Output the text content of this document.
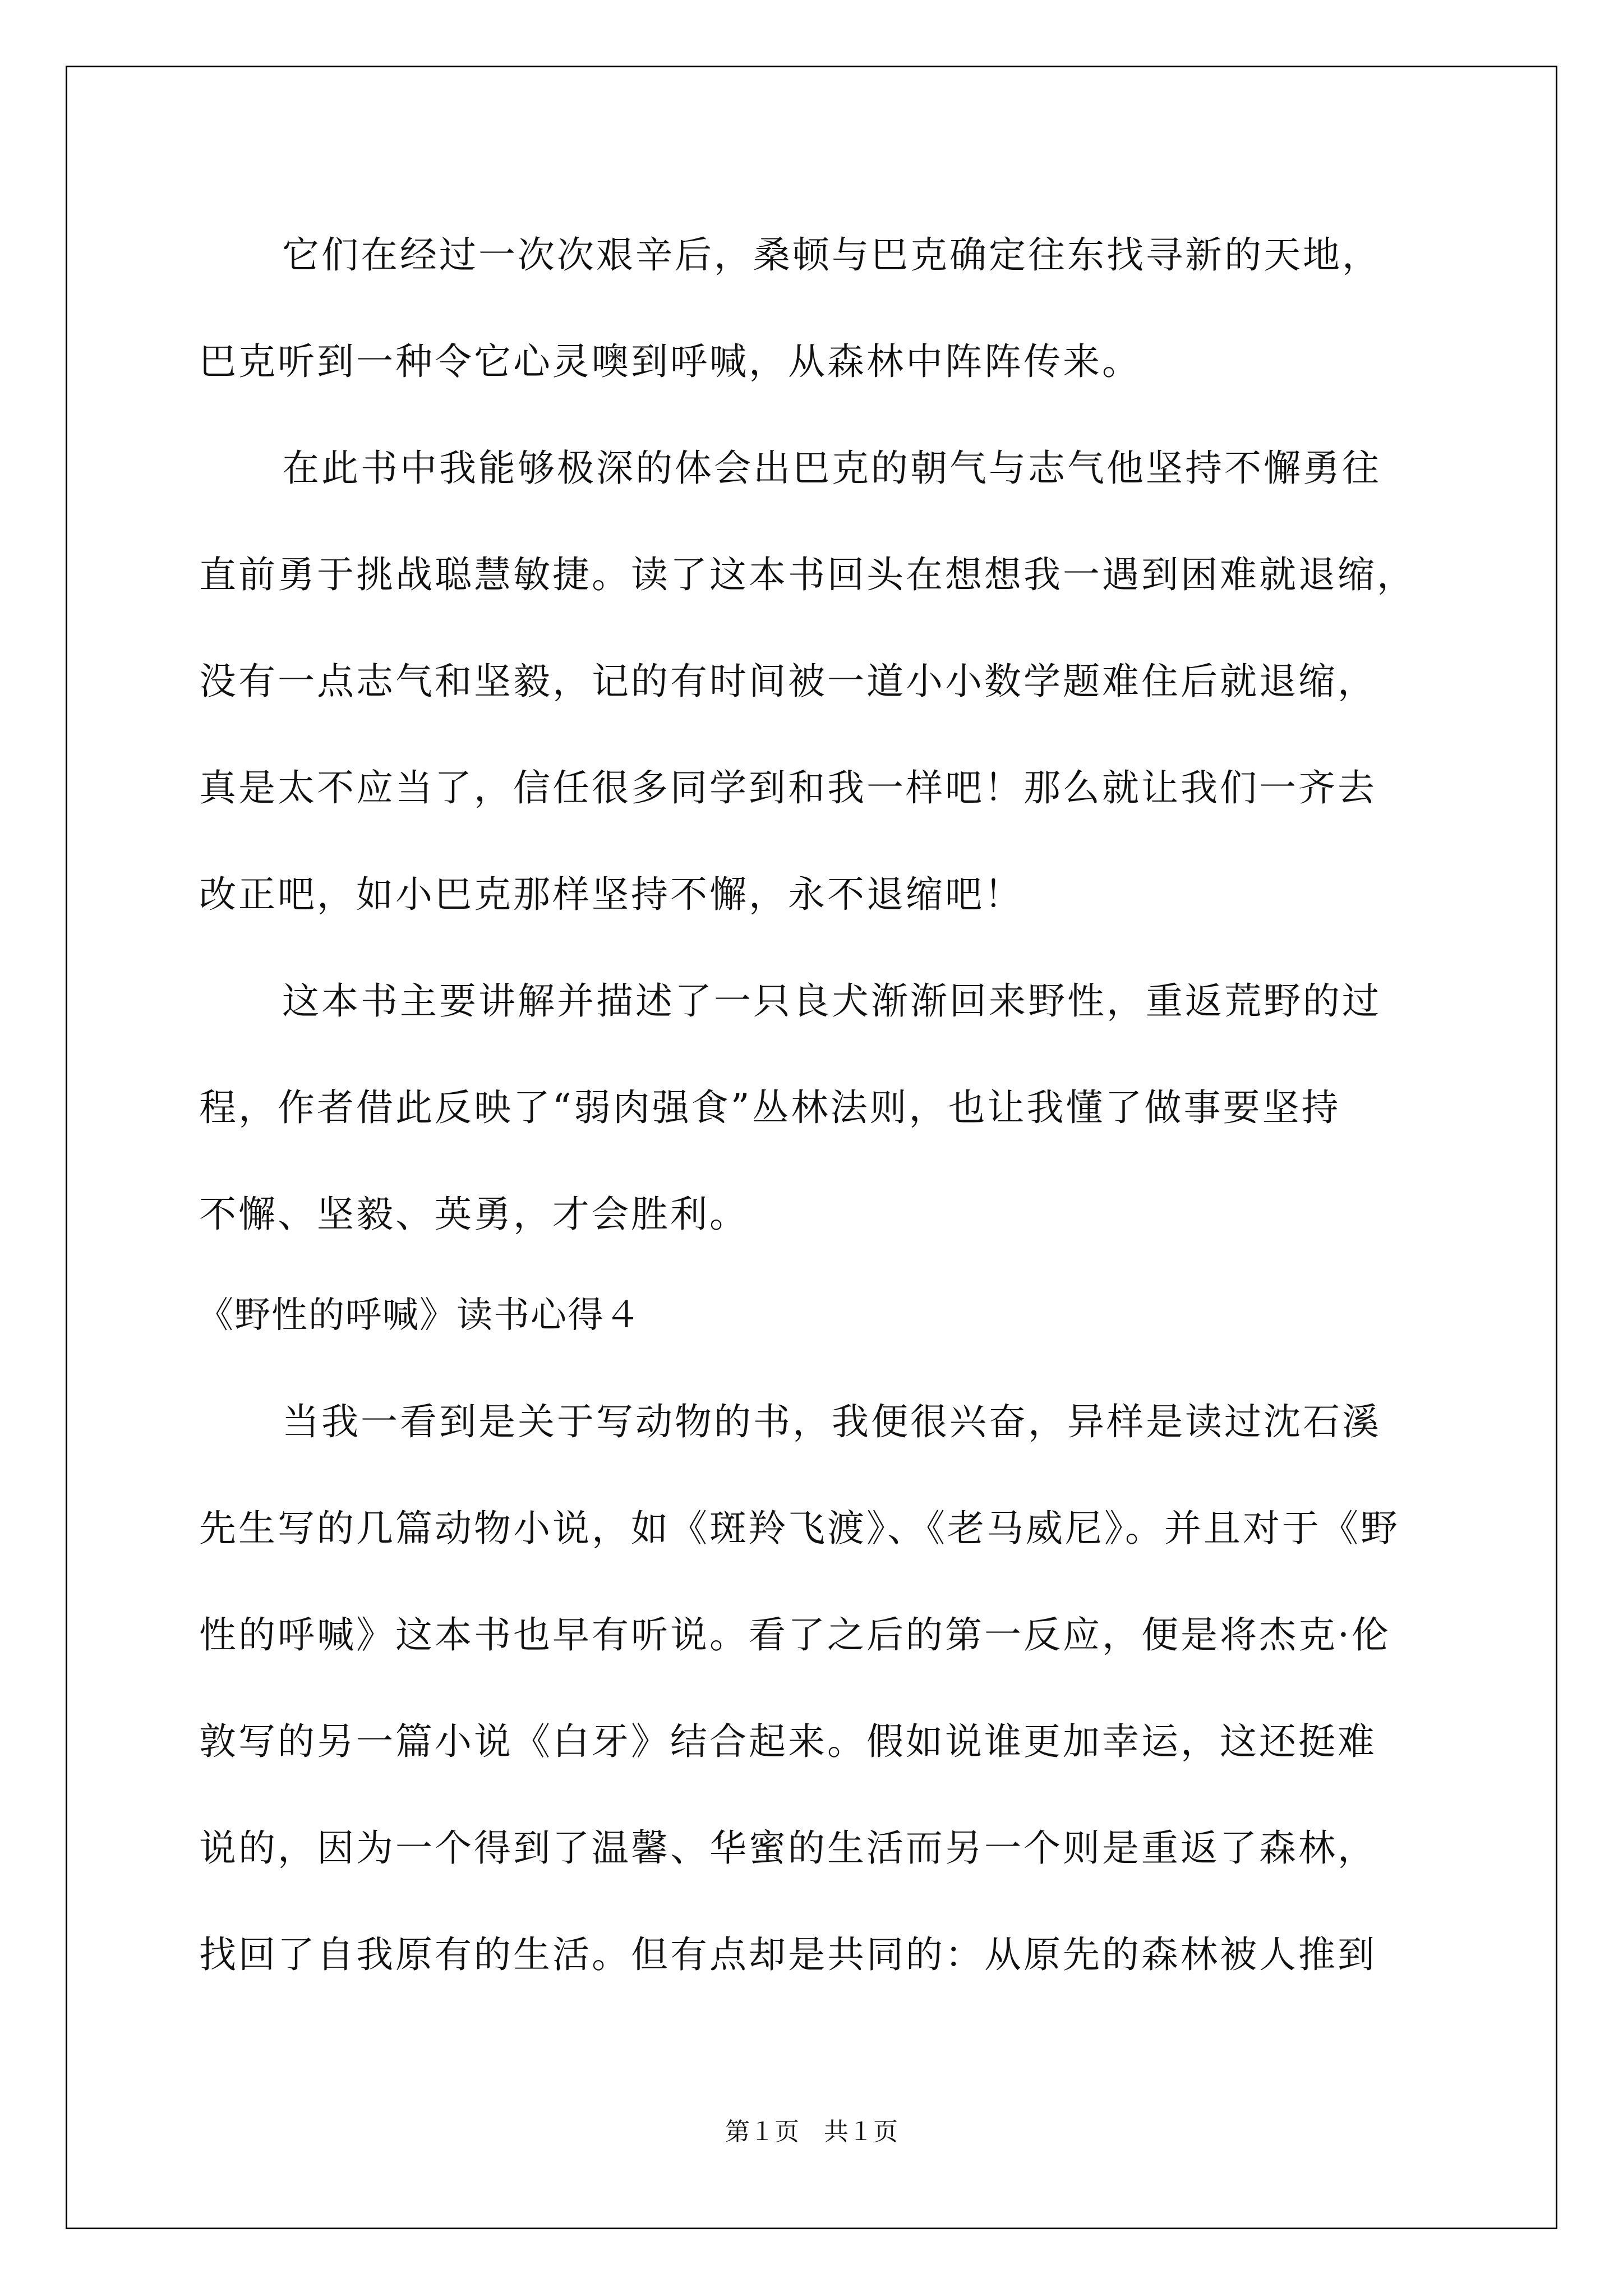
它们在经过一次次艰辛后，桑顿与巴克确定往东找寻新的天地，
巴克听到一种令它心灵噢到呼喊，从森林中阵阵传来。
在此书中我能够极深的体会出巴克的朝气与志气他坚持不懈勇往
直前勇于挑战聪慧敏捷。读了这本书回头在想想我一遇到困难就退缩，
没有一点志气和坚毅，记的有时间被一道小小数学题难住后就退缩，
真是太不应当了，信任很多同学到和我一样吧！那么就让我们一齐去
改正吧，如小巴克那样坚持不懈，永不退缩吧！
这本书主要讲解并描述了一只良犬渐渐回来野性，重返荒野的过
程，作者借此反映了“弱肉强食”丛林法则，也让我懂了做事要坚持
不懈、坚毅、英勇，才会胜利。
《野性的呼喊》读书心得４
当我一看到是关于写动物的书，我便很兴奋，异样是读过沈石溪
先生写的几篇动物小说，如《斑羚飞渡》、《老马威尼》。并且对于《野
性的呼喊》这本书也早有听说。看了之后的第一反应，便是将杰克·伦
敦写的另一篇小说《白牙》结合起来。假如说谁更加幸运，这还挺难
说的，因为一个得到了温馨、华蜜的生活而另一个则是重返了森林，
找回了自我原有的生活。但有点却是共同的：从原先的森林被人推到
第１页　共１页
